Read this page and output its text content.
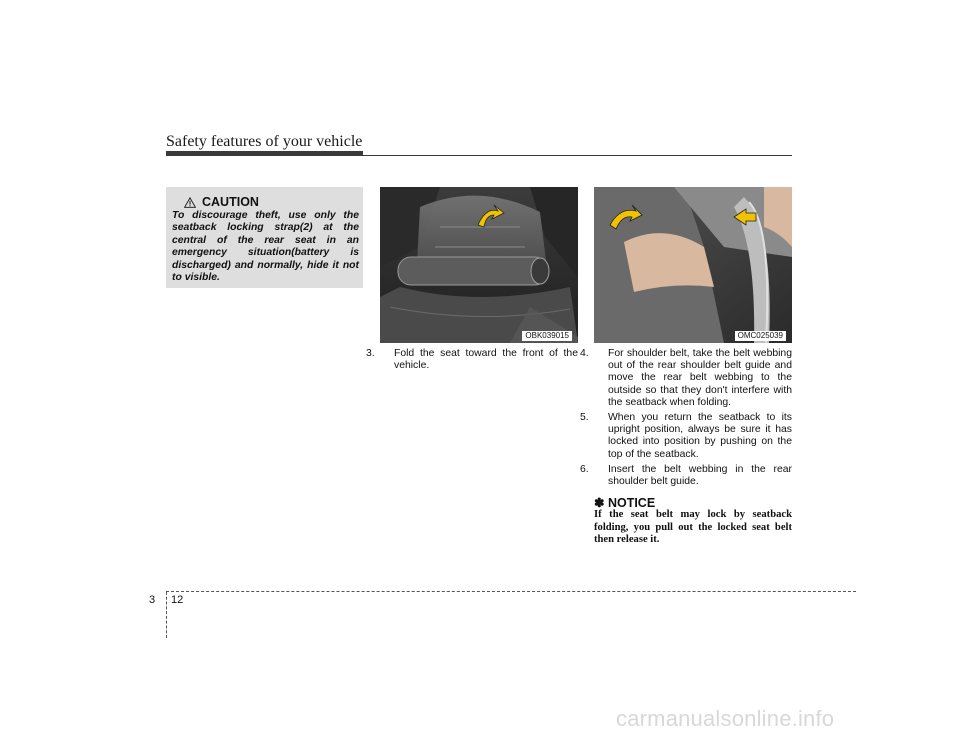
Safety features of your vehicle
CAUTION
To discourage theft, use only the seatback locking strap(2) at the central of the rear seat in an emergency situation(battery is discharged) and normally, hide it not to visible.
OBK039015
3. Fold the seat toward the front of the vehicle.
OMC025039
4. For shoulder belt, take the belt webbing out of the rear shoulder belt guide and move the rear belt webbing to the outside so that they don't interfere with the seatback when folding.
5. When you return the seatback to its upright position, always be sure it has locked into position by pushing on the top of the seatback.
6. Insert the belt webbing in the rear shoulder belt guide.
✽ NOTICE
If the seat belt may lock by seatback folding, you pull out the locked seat belt then release it.
3 12
carmanualsonline.info
